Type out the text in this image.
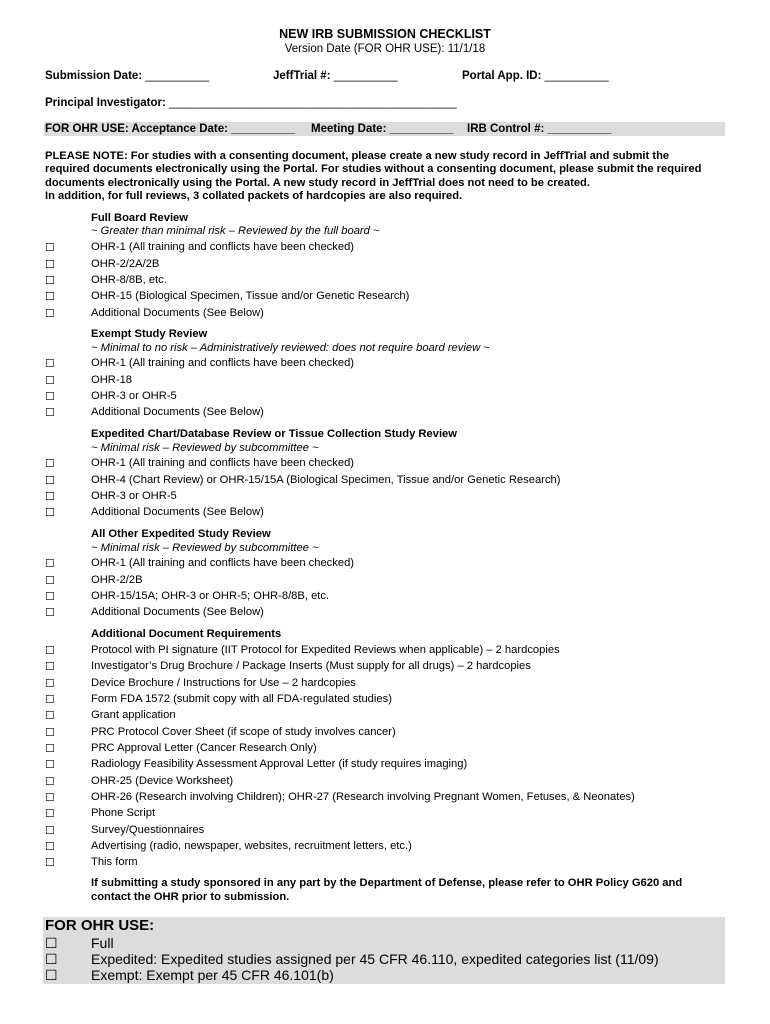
NEW IRB SUBMISSION CHECKLIST
Version Date (FOR OHR USE): 11/1/18
Submission Date: __________	JeffTrial #: __________	Portal App. ID: __________
Principal Investigator: _____________________________________________
FOR OHR USE: Acceptance Date: __________ Meeting Date: __________ IRB Control #: __________
PLEASE NOTE: For studies with a consenting document, please create a new study record in JeffTrial and submit the
required documents electronically using the Portal. For studies without a consenting document, please submit the required
documents electronically using the Portal. A new study record in JeffTrial does not need to be created.
In addition, for full reviews, 3 collated packets of hardcopies are also required.
Full Board Review
~ Greater than minimal risk – Reviewed by the full board ~
☐	OHR-1 (All training and conflicts have been checked)
☐	OHR-2/2A/2B
☐	OHR-8/8B, etc.
☐	OHR-15 (Biological Specimen, Tissue and/or Genetic Research)
☐	Additional Documents (See Below)
Exempt Study Review
~ Minimal to no risk – Administratively reviewed: does not require board review ~
☐	OHR-1 (All training and conflicts have been checked)
☐	OHR-18
☐	OHR-3 or OHR-5
☐	Additional Documents (See Below)
Expedited Chart/Database Review or Tissue Collection Study Review
~ Minimal risk – Reviewed by subcommittee ~
☐	OHR-1 (All training and conflicts have been checked)
☐	OHR-4 (Chart Review) or OHR-15/15A (Biological Specimen, Tissue and/or Genetic Research)
☐	OHR-3 or OHR-5
☐	Additional Documents (See Below)
All Other Expedited Study Review
~ Minimal risk – Reviewed by subcommittee ~
☐	OHR-1 (All training and conflicts have been checked)
☐	OHR-2/2B
☐	OHR-15/15A; OHR-3 or OHR-5; OHR-8/8B, etc.
☐	Additional Documents (See Below)
Additional Document Requirements
☐	Protocol with PI signature (IIT Protocol for Expedited Reviews when applicable) – 2 hardcopies
☐	Investigator’s Drug Brochure / Package Inserts (Must supply for all drugs) – 2 hardcopies
☐	Device Brochure / Instructions for Use – 2 hardcopies
☐	Form FDA 1572 (submit copy with all FDA-regulated studies)
☐	Grant application
☐	PRC Protocol Cover Sheet (if scope of study involves cancer)
☐	PRC Approval Letter (Cancer Research Only)
☐	Radiology Feasibility Assessment Approval Letter (if study requires imaging)
☐	OHR-25 (Device Worksheet)
☐	OHR-26 (Research involving Children); OHR-27 (Research involving Pregnant Women, Fetuses, & Neonates)
☐	Phone Script
☐	Survey/Questionnaires
☐	Advertising (radio, newspaper, websites, recruitment letters, etc.)
☐	This form
If submitting a study sponsored in any part by the Department of Defense, please refer to OHR Policy G620 and
contact the OHR prior to submission.
FOR OHR USE:
☐ Full
☐ Expedited: Expedited studies assigned per 45 CFR 46.110, expedited categories list (11/09)
☐ Exempt: Exempt per 45 CFR 46.101(b)
